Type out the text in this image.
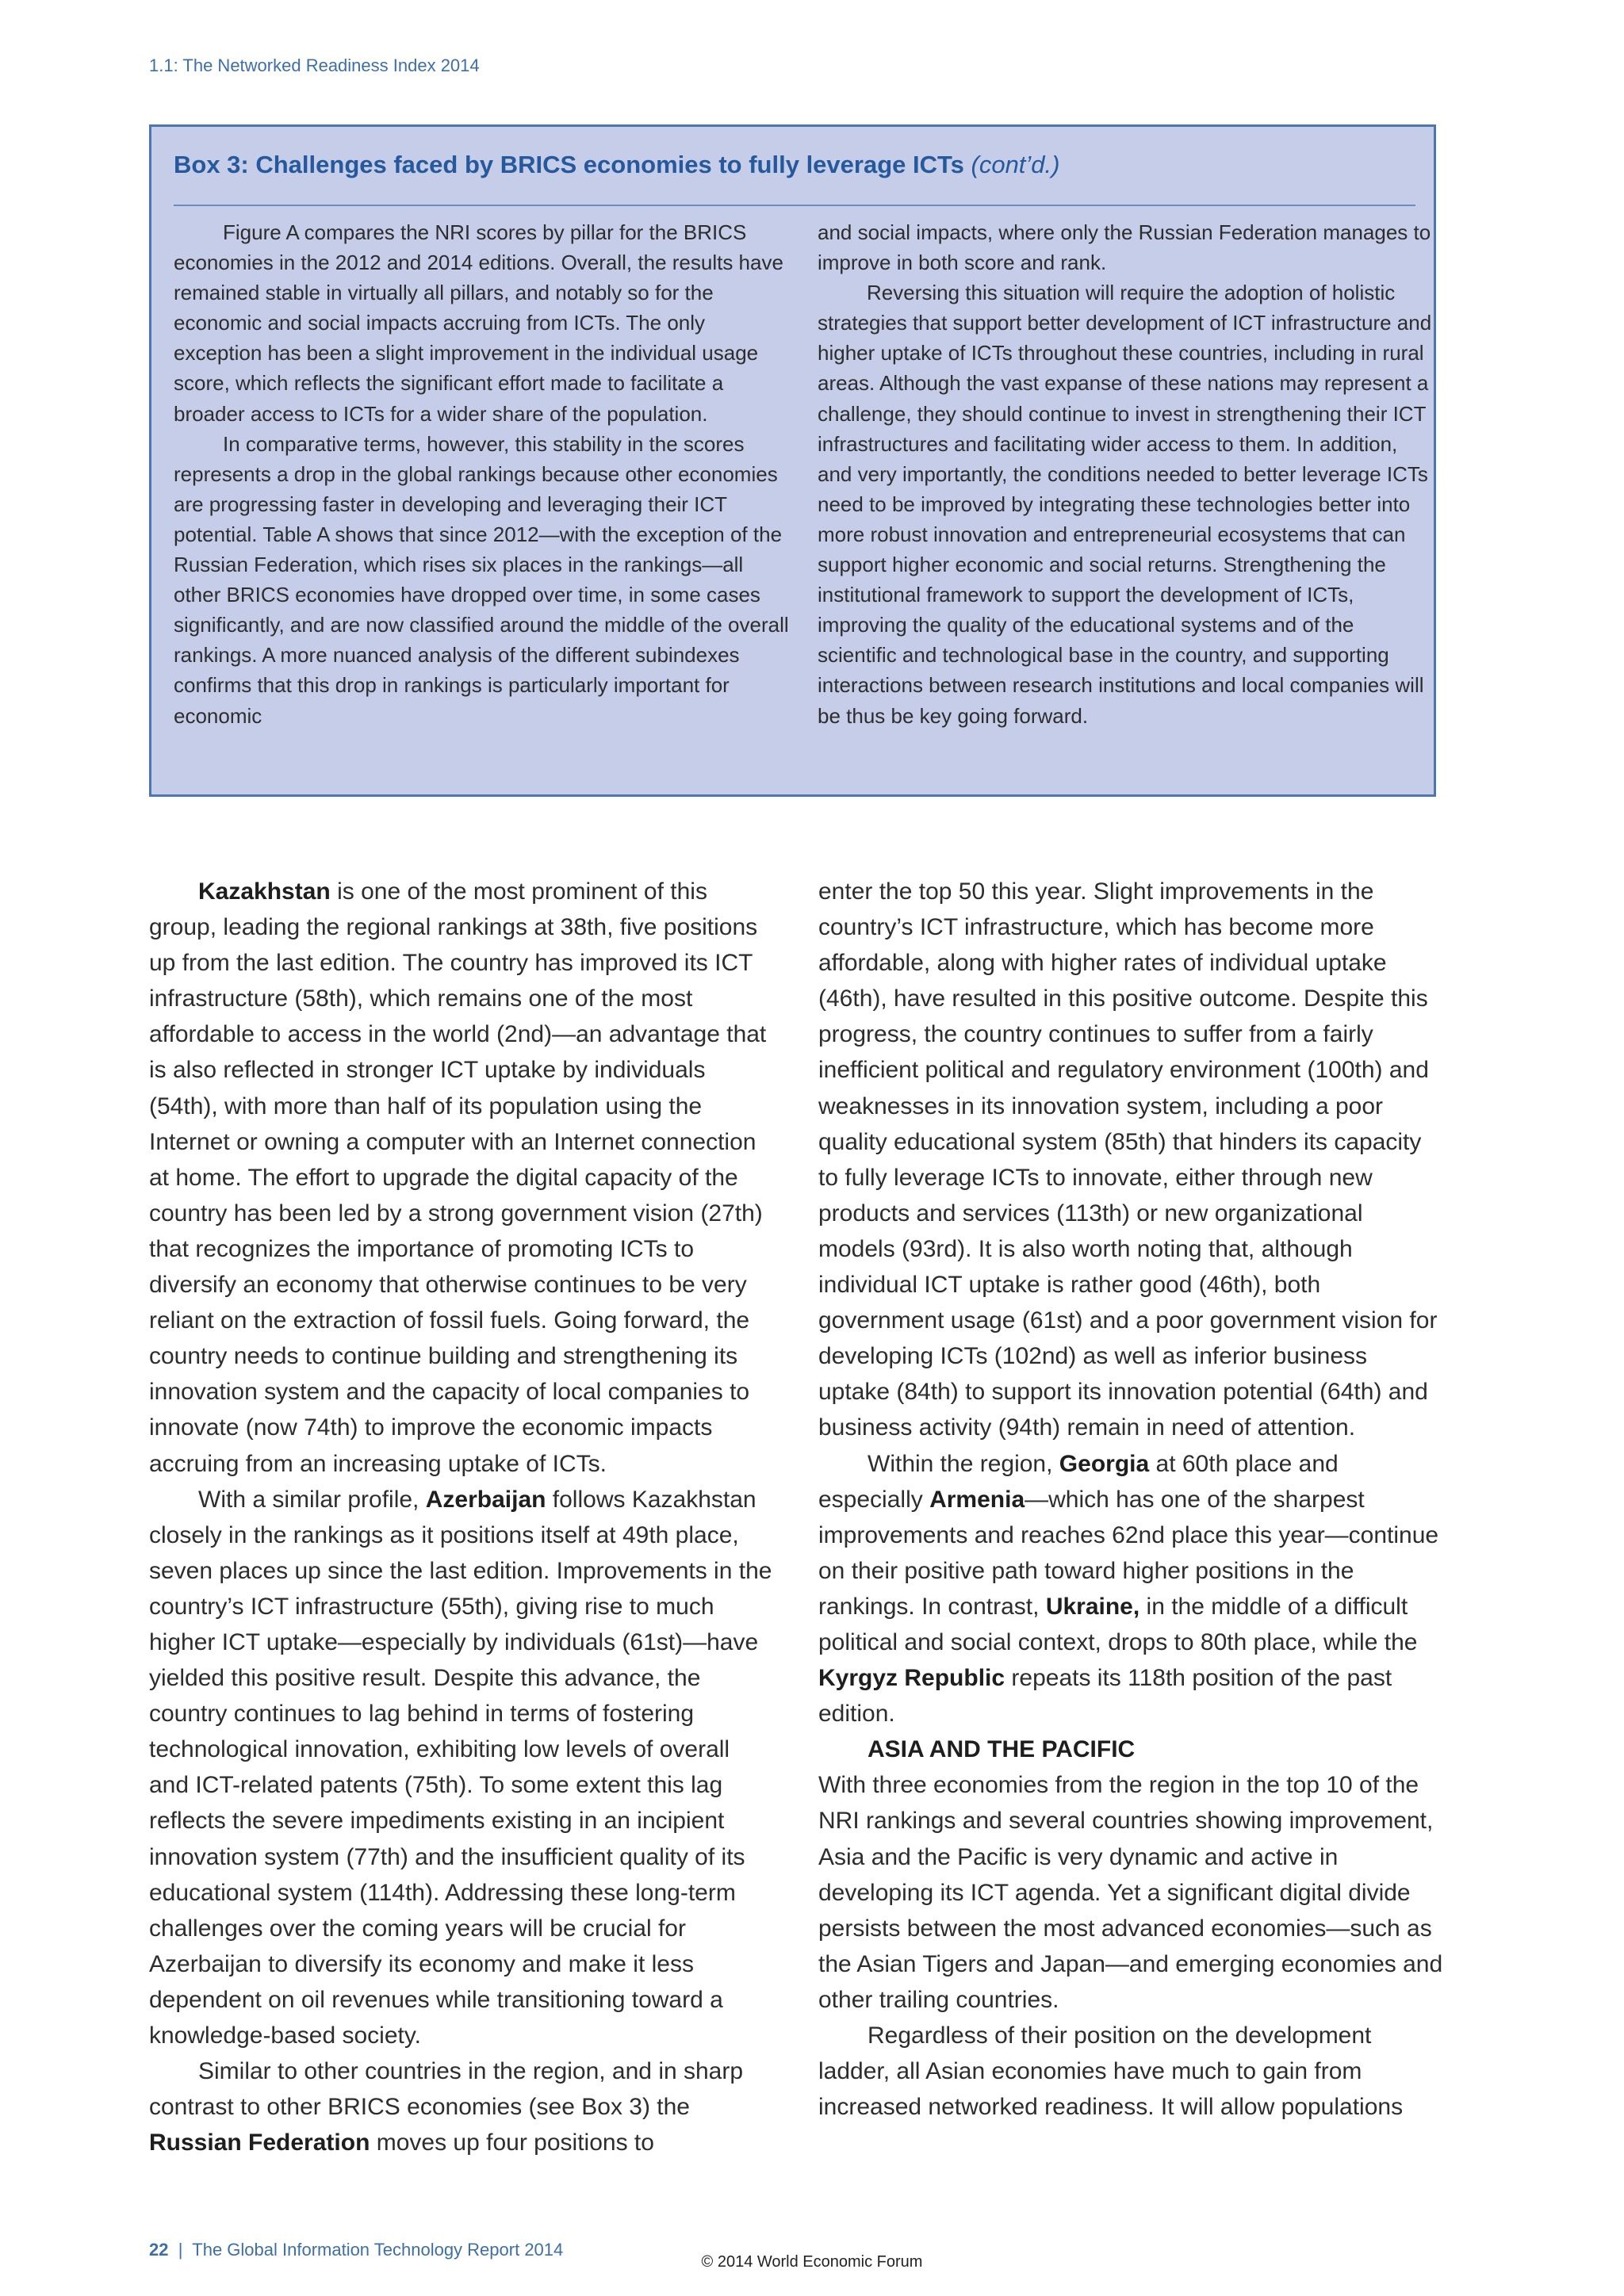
1.1: The Networked Readiness Index 2014
Box 3: Challenges faced by BRICS economies to fully leverage ICTs (cont’d.)

Figure A compares the NRI scores by pillar for the BRICS economies in the 2012 and 2014 editions. Overall, the results have remained stable in virtually all pillars, and notably so for the economic and social impacts accruing from ICTs. The only exception has been a slight improvement in the individual usage score, which reflects the significant effort made to facilitate a broader access to ICTs for a wider share of the population.

In comparative terms, however, this stability in the scores represents a drop in the global rankings because other economies are progressing faster in developing and leveraging their ICT potential. Table A shows that since 2012—with the exception of the Russian Federation, which rises six places in the rankings—all other BRICS economies have dropped over time, in some cases significantly, and are now classified around the middle of the overall rankings. A more nuanced analysis of the different subindexes confirms that this drop in rankings is particularly important for economic

and social impacts, where only the Russian Federation manages to improve in both score and rank.

Reversing this situation will require the adoption of holistic strategies that support better development of ICT infrastructure and higher uptake of ICTs throughout these countries, including in rural areas. Although the vast expanse of these nations may represent a challenge, they should continue to invest in strengthening their ICT infrastructures and facilitating wider access to them. In addition, and very importantly, the conditions needed to better leverage ICTs need to be improved by integrating these technologies better into more robust innovation and entrepreneurial ecosystems that can support higher economic and social returns. Strengthening the institutional framework to support the development of ICTs, improving the quality of the educational systems and of the scientific and technological base in the country, and supporting interactions between research institutions and local companies will be thus be key going forward.

Kazakhstan is one of the most prominent of this group, leading the regional rankings at 38th, five positions up from the last edition. The country has improved its ICT infrastructure (58th), which remains one of the most affordable to access in the world (2nd)—an advantage that is also reflected in stronger ICT uptake by individuals (54th), with more than half of its population using the Internet or owning a computer with an Internet connection at home. The effort to upgrade the digital capacity of the country has been led by a strong government vision (27th) that recognizes the importance of promoting ICTs to diversify an economy that otherwise continues to be very reliant on the extraction of fossil fuels. Going forward, the country needs to continue building and strengthening its innovation system and the capacity of local companies to innovate (now 74th) to improve the economic impacts accruing from an increasing uptake of ICTs.

With a similar profile, Azerbaijan follows Kazakhstan closely in the rankings as it positions itself at 49th place, seven places up since the last edition. Improvements in the country’s ICT infrastructure (55th), giving rise to much higher ICT uptake—especially by individuals (61st)—have yielded this positive result. Despite this advance, the country continues to lag behind in terms of fostering technological innovation, exhibiting low levels of overall and ICT-related patents (75th). To some extent this lag reflects the severe impediments existing in an incipient innovation system (77th) and the insufficient quality of its educational system (114th). Addressing these long-term challenges over the coming years will be crucial for Azerbaijan to diversify its economy and make it less dependent on oil revenues while transitioning toward a knowledge-based society.

Similar to other countries in the region, and in sharp contrast to other BRICS economies (see Box 3) the Russian Federation moves up four positions to

enter the top 50 this year. Slight improvements in the country’s ICT infrastructure, which has become more affordable, along with higher rates of individual uptake (46th), have resulted in this positive outcome. Despite this progress, the country continues to suffer from a fairly inefficient political and regulatory environment (100th) and weaknesses in its innovation system, including a poor quality educational system (85th) that hinders its capacity to fully leverage ICTs to innovate, either through new products and services (113th) or new organizational models (93rd). It is also worth noting that, although individual ICT uptake is rather good (46th), both government usage (61st) and a poor government vision for developing ICTs (102nd) as well as inferior business uptake (84th) to support its innovation potential (64th) and business activity (94th) remain in need of attention.

Within the region, Georgia at 60th place and especially Armenia—which has one of the sharpest improvements and reaches 62nd place this year—continue on their positive path toward higher positions in the rankings. In contrast, Ukraine, in the middle of a difficult political and social context, drops to 80th place, while the Kyrgyz Republic repeats its 118th position of the past edition.

ASIA AND THE PACIFIC

With three economies from the region in the top 10 of the NRI rankings and several countries showing improvement, Asia and the Pacific is very dynamic and active in developing its ICT agenda. Yet a significant digital divide persists between the most advanced economies—such as the Asian Tigers and Japan—and emerging economies and other trailing countries.

Regardless of their position on the development ladder, all Asian economies have much to gain from increased networked readiness. It will allow populations

22 | The Global Information Technology Report 2014
© 2014 World Economic Forum
